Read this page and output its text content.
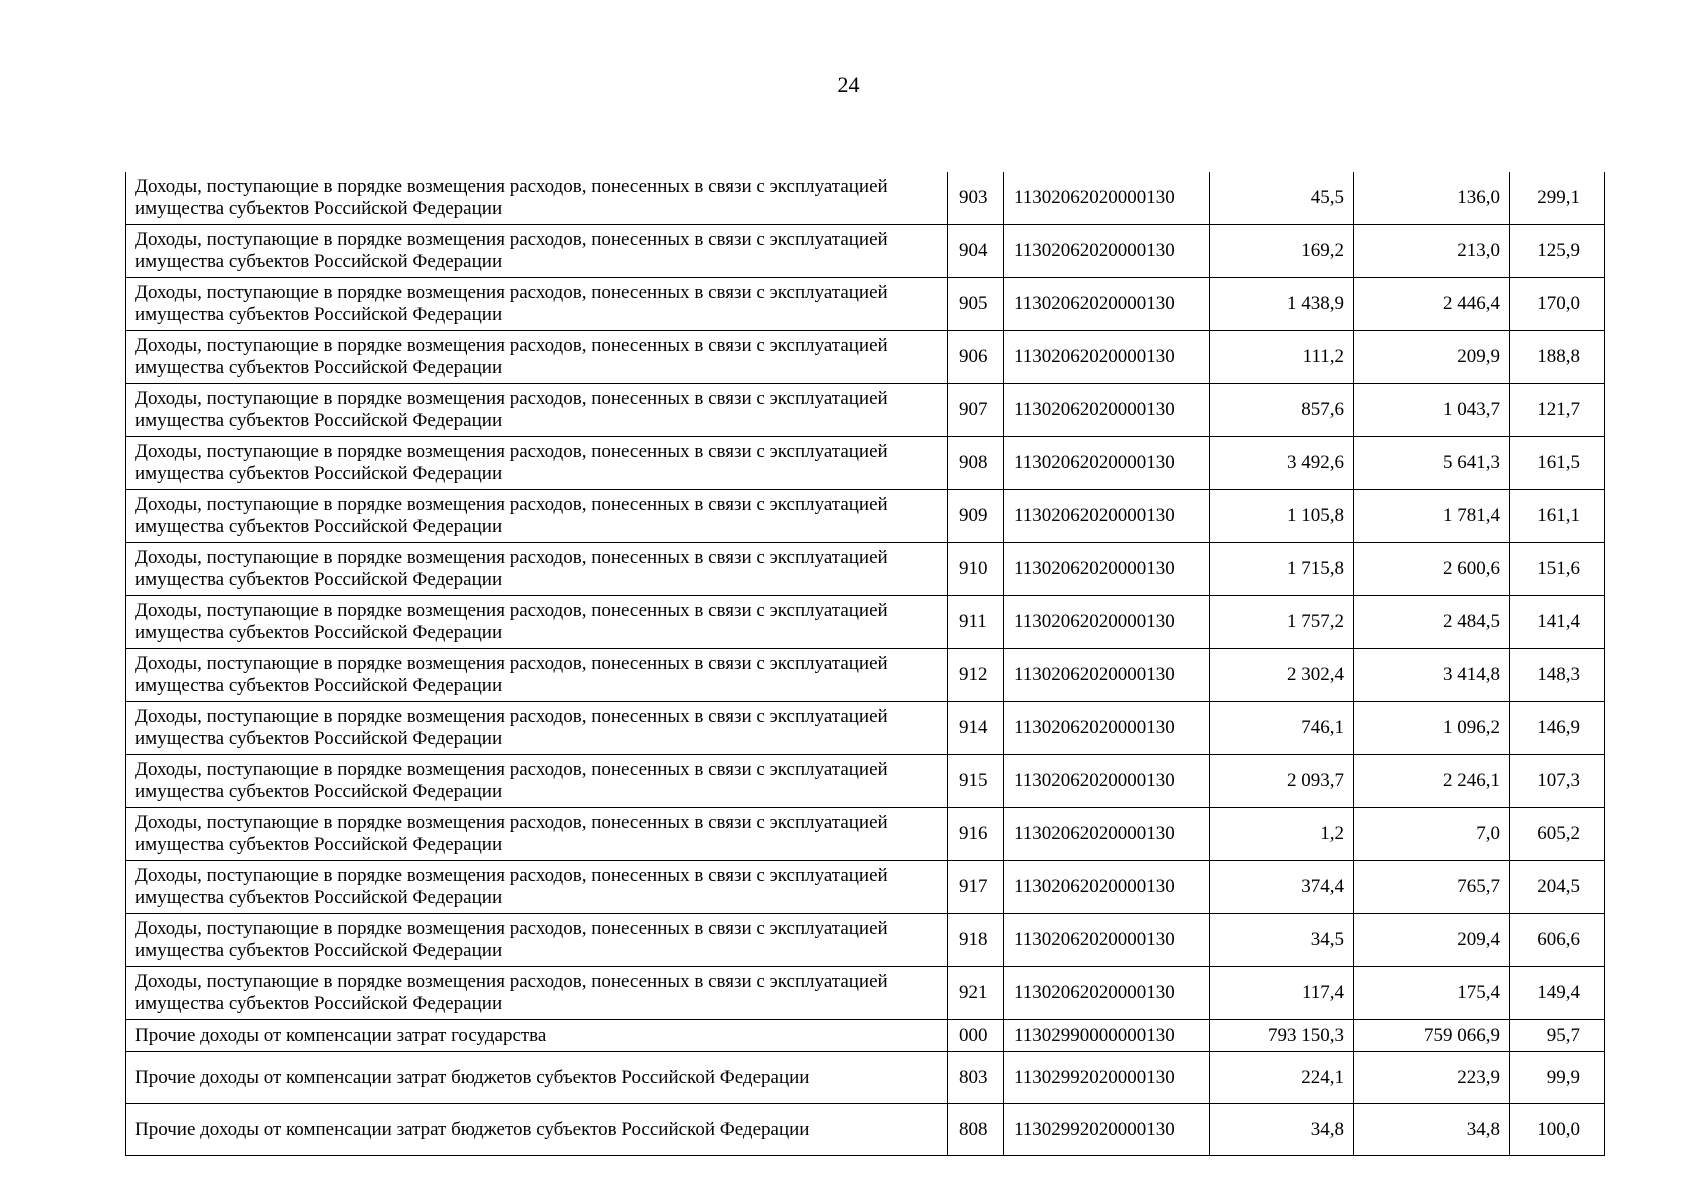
24
Доходы, поступающие в порядке возмещения расходов, понесенных в связи с эксплуатацией имущества субъектов Российской Федерации	903	11302062020000130	45,5	136,0	299,1
Доходы, поступающие в порядке возмещения расходов, понесенных в связи с эксплуатацией имущества субъектов Российской Федерации	904	11302062020000130	169,2	213,0	125,9
Доходы, поступающие в порядке возмещения расходов, понесенных в связи с эксплуатацией имущества субъектов Российской Федерации	905	11302062020000130	1 438,9	2 446,4	170,0
Доходы, поступающие в порядке возмещения расходов, понесенных в связи с эксплуатацией имущества субъектов Российской Федерации	906	11302062020000130	111,2	209,9	188,8
Доходы, поступающие в порядке возмещения расходов, понесенных в связи с эксплуатацией имущества субъектов Российской Федерации	907	11302062020000130	857,6	1 043,7	121,7
Доходы, поступающие в порядке возмещения расходов, понесенных в связи с эксплуатацией имущества субъектов Российской Федерации	908	11302062020000130	3 492,6	5 641,3	161,5
Доходы, поступающие в порядке возмещения расходов, понесенных в связи с эксплуатацией имущества субъектов Российской Федерации	909	11302062020000130	1 105,8	1 781,4	161,1
Доходы, поступающие в порядке возмещения расходов, понесенных в связи с эксплуатацией имущества субъектов Российской Федерации	910	11302062020000130	1 715,8	2 600,6	151,6
Доходы, поступающие в порядке возмещения расходов, понесенных в связи с эксплуатацией имущества субъектов Российской Федерации	911	11302062020000130	1 757,2	2 484,5	141,4
Доходы, поступающие в порядке возмещения расходов, понесенных в связи с эксплуатацией имущества субъектов Российской Федерации	912	11302062020000130	2 302,4	3 414,8	148,3
Доходы, поступающие в порядке возмещения расходов, понесенных в связи с эксплуатацией имущества субъектов Российской Федерации	914	11302062020000130	746,1	1 096,2	146,9
Доходы, поступающие в порядке возмещения расходов, понесенных в связи с эксплуатацией имущества субъектов Российской Федерации	915	11302062020000130	2 093,7	2 246,1	107,3
Доходы, поступающие в порядке возмещения расходов, понесенных в связи с эксплуатацией имущества субъектов Российской Федерации	916	11302062020000130	1,2	7,0	605,2
Доходы, поступающие в порядке возмещения расходов, понесенных в связи с эксплуатацией имущества субъектов Российской Федерации	917	11302062020000130	374,4	765,7	204,5
Доходы, поступающие в порядке возмещения расходов, понесенных в связи с эксплуатацией имущества субъектов Российской Федерации	918	11302062020000130	34,5	209,4	606,6
Доходы, поступающие в порядке возмещения расходов, понесенных в связи с эксплуатацией имущества субъектов Российской Федерации	921	11302062020000130	117,4	175,4	149,4
Прочие доходы от компенсации затрат государства	000	11302990000000130	793 150,3	759 066,9	95,7
Прочие доходы от компенсации затрат бюджетов субъектов Российской Федерации	803	11302992020000130	224,1	223,9	99,9
Прочие доходы от компенсации затрат бюджетов субъектов Российской Федерации	808	11302992020000130	34,8	34,8	100,0
